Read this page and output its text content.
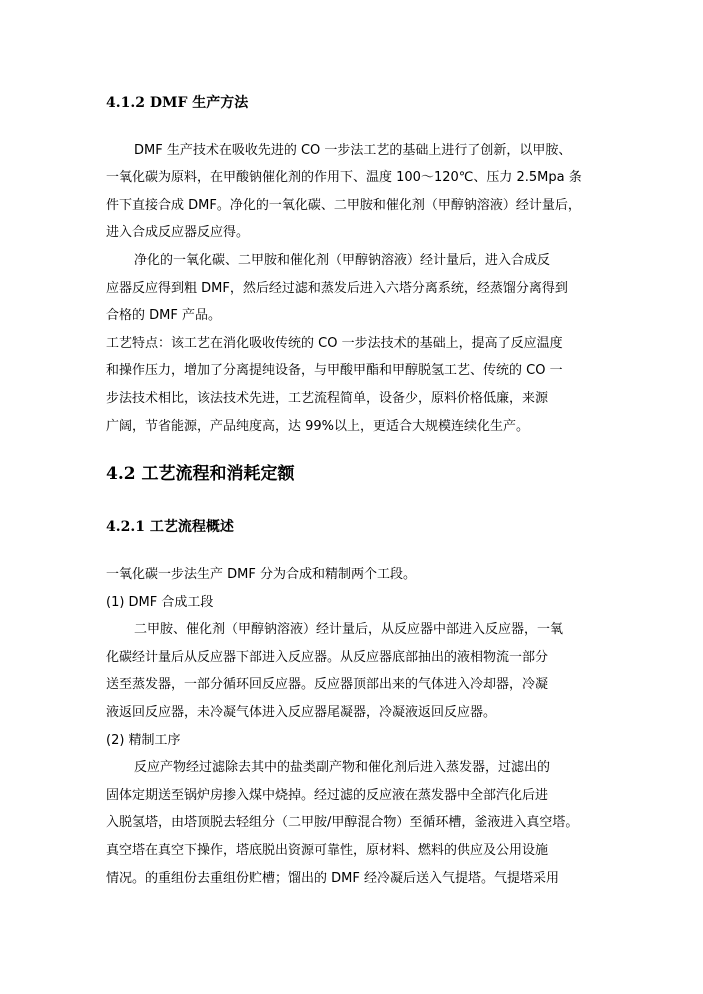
4.1.2 DMF 生产方法
DMF 生产技术在吸收先进的 CO 一步法工艺的基础上进行了创新，以甲胺、
一氧化碳为原料，在甲酸钠催化剂的作用下、温度 100～120℃、压力 2.5Mpa 条
件下直接合成 DMF。净化的一氧化碳、二甲胺和催化剂（甲醇钠溶液）经计量后，
进入合成反应器反应得。
净化的一氧化碳、二甲胺和催化剂（甲醇钠溶液）经计量后，进入合成反
应器反应得到粗 DMF，然后经过滤和蒸发后进入六塔分离系统，经蒸馏分离得到
合格的 DMF 产品。
工艺特点：该工艺在消化吸收传统的 CO 一步法技术的基础上，提高了反应温度
和操作压力，增加了分离提纯设备，与甲酸甲酯和甲醇脱氢工艺、传统的 CO 一
步法技术相比，该法技术先进，工艺流程简单，设备少，原料价格低廉，来源
广阔，节省能源，产品纯度高，达 99%以上，更适合大规模连续化生产。
4.2 工艺流程和消耗定额
4.2.1 工艺流程概述
一氧化碳一步法生产 DMF 分为合成和精制两个工段。
(1) DMF 合成工段
二甲胺、催化剂（甲醇钠溶液）经计量后，从反应器中部进入反应器，一氧
化碳经计量后从反应器下部进入反应器。从反应器底部抽出的液相物流一部分
送至蒸发器，一部分循环回反应器。反应器顶部出来的气体进入冷却器，冷凝
液返回反应器，未冷凝气体进入反应器尾凝器，冷凝液返回反应器。
(2) 精制工序
反应产物经过滤除去其中的盐类副产物和催化剂后进入蒸发器，过滤出的
固体定期送至锅炉房掺入煤中烧掉。经过滤的反应液在蒸发器中全部汽化后进
入脱氢塔，由塔顶脱去轻组分（二甲胺/甲醇混合物）至循环槽，釜液进入真空塔。
真空塔在真空下操作，塔底脱出资源可靠性，原材料、燃料的供应及公用设施
情况。的重组份去重组份贮槽；馏出的 DMF 经冷凝后送入气提塔。气提塔采用
